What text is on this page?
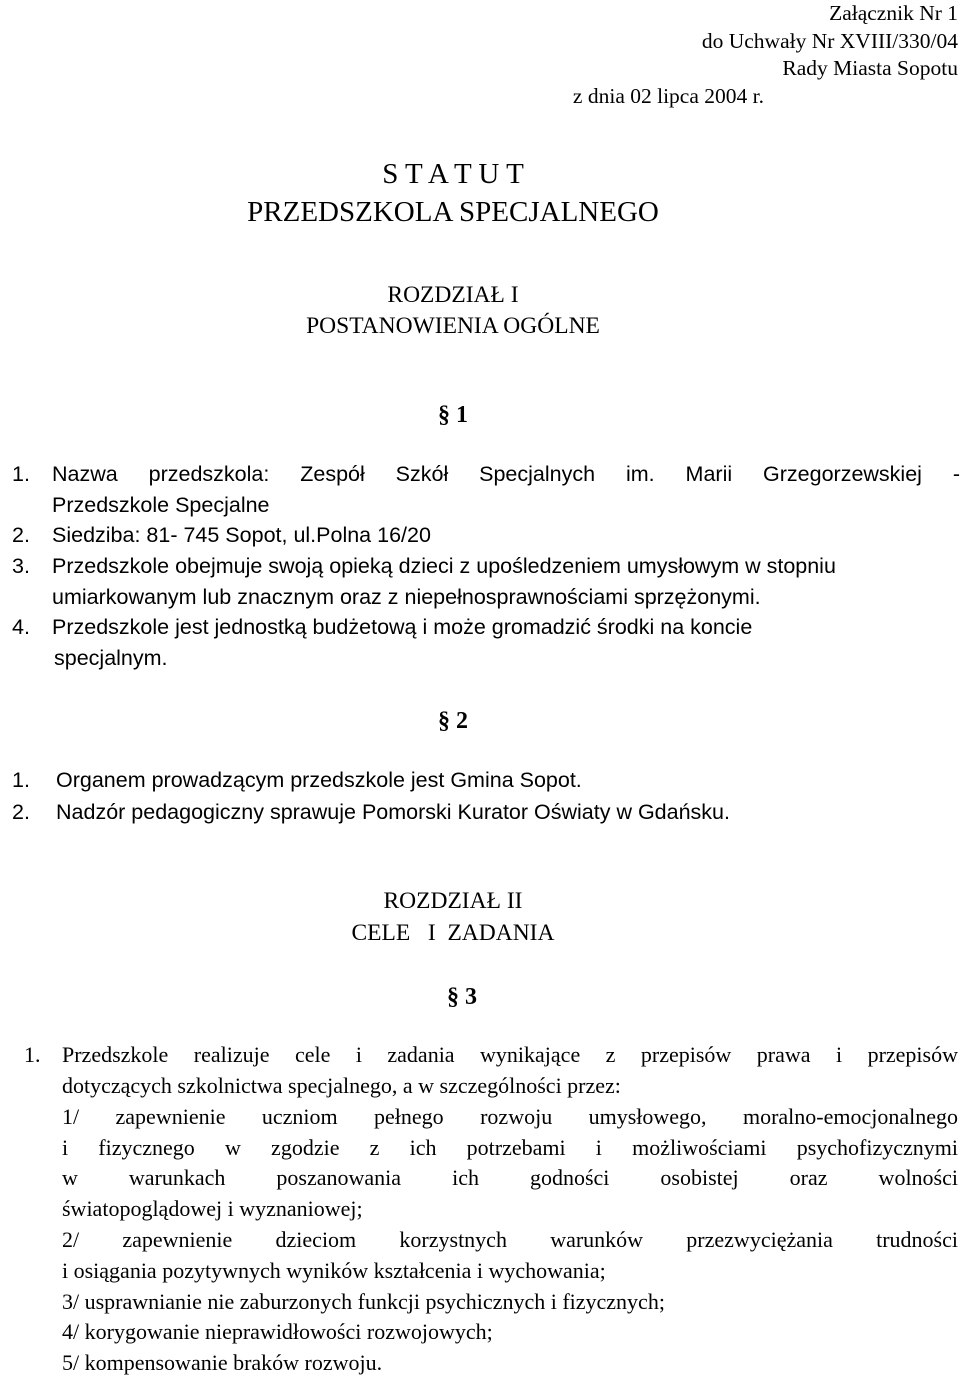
Załącznik Nr 1
do Uchwały Nr XVIII/330/04
Rady Miasta Sopotu
z dnia 02 lipca 2004 r.
S T A T U T
PRZEDSZKOLA SPECJALNEGO
ROZDZIAŁ I
POSTANOWIENIA OGÓLNE
§ 1
1.	Nazwa przedszkola: Zespół Szkół Specjalnych im. Marii Grzegorzewskiej -
Przedszkole Specjalne
2.	Siedziba: 81- 745 Sopot, ul.Polna 16/20
3.	Przedszkole obejmuje swoją opieką dzieci z upośledzeniem umysłowym w stopniu
umiarkowanym lub znacznym oraz z niepełnosprawnościami sprzężonymi.
4.	Przedszkole jest jednostką budżetową i może gromadzić środki na koncie
specjalnym.
§ 2
1.	Organem prowadzącym przedszkole jest Gmina Sopot.
2.	Nadzór pedagogiczny sprawuje Pomorski Kurator Oświaty w Gdańsku.
ROZDZIAŁ II
CELE   I  ZADANIA
§ 3
1. Przedszkole realizuje cele i zadania wynikające z przepisów prawa i przepisów
dotyczących szkolnictwa specjalnego, a w szczególności przez:
1/ zapewnienie uczniom pełnego rozwoju umysłowego, moralno-emocjonalnego
i fizycznego w zgodzie z ich potrzebami i możliwościami psychofizycznymi
w warunkach poszanowania ich godności osobistej oraz wolności
światopoglądowej i wyznaniowej;
2/ zapewnienie dzieciom korzystnych warunków przezwyciężania trudności
i osiągania pozytywnych wyników kształcenia i wychowania;
3/ usprawnianie nie zaburzonych funkcji psychicznych i fizycznych;
4/ korygowanie nieprawidłowości rozwojowych;
5/ kompensowanie braków rozwoju.
